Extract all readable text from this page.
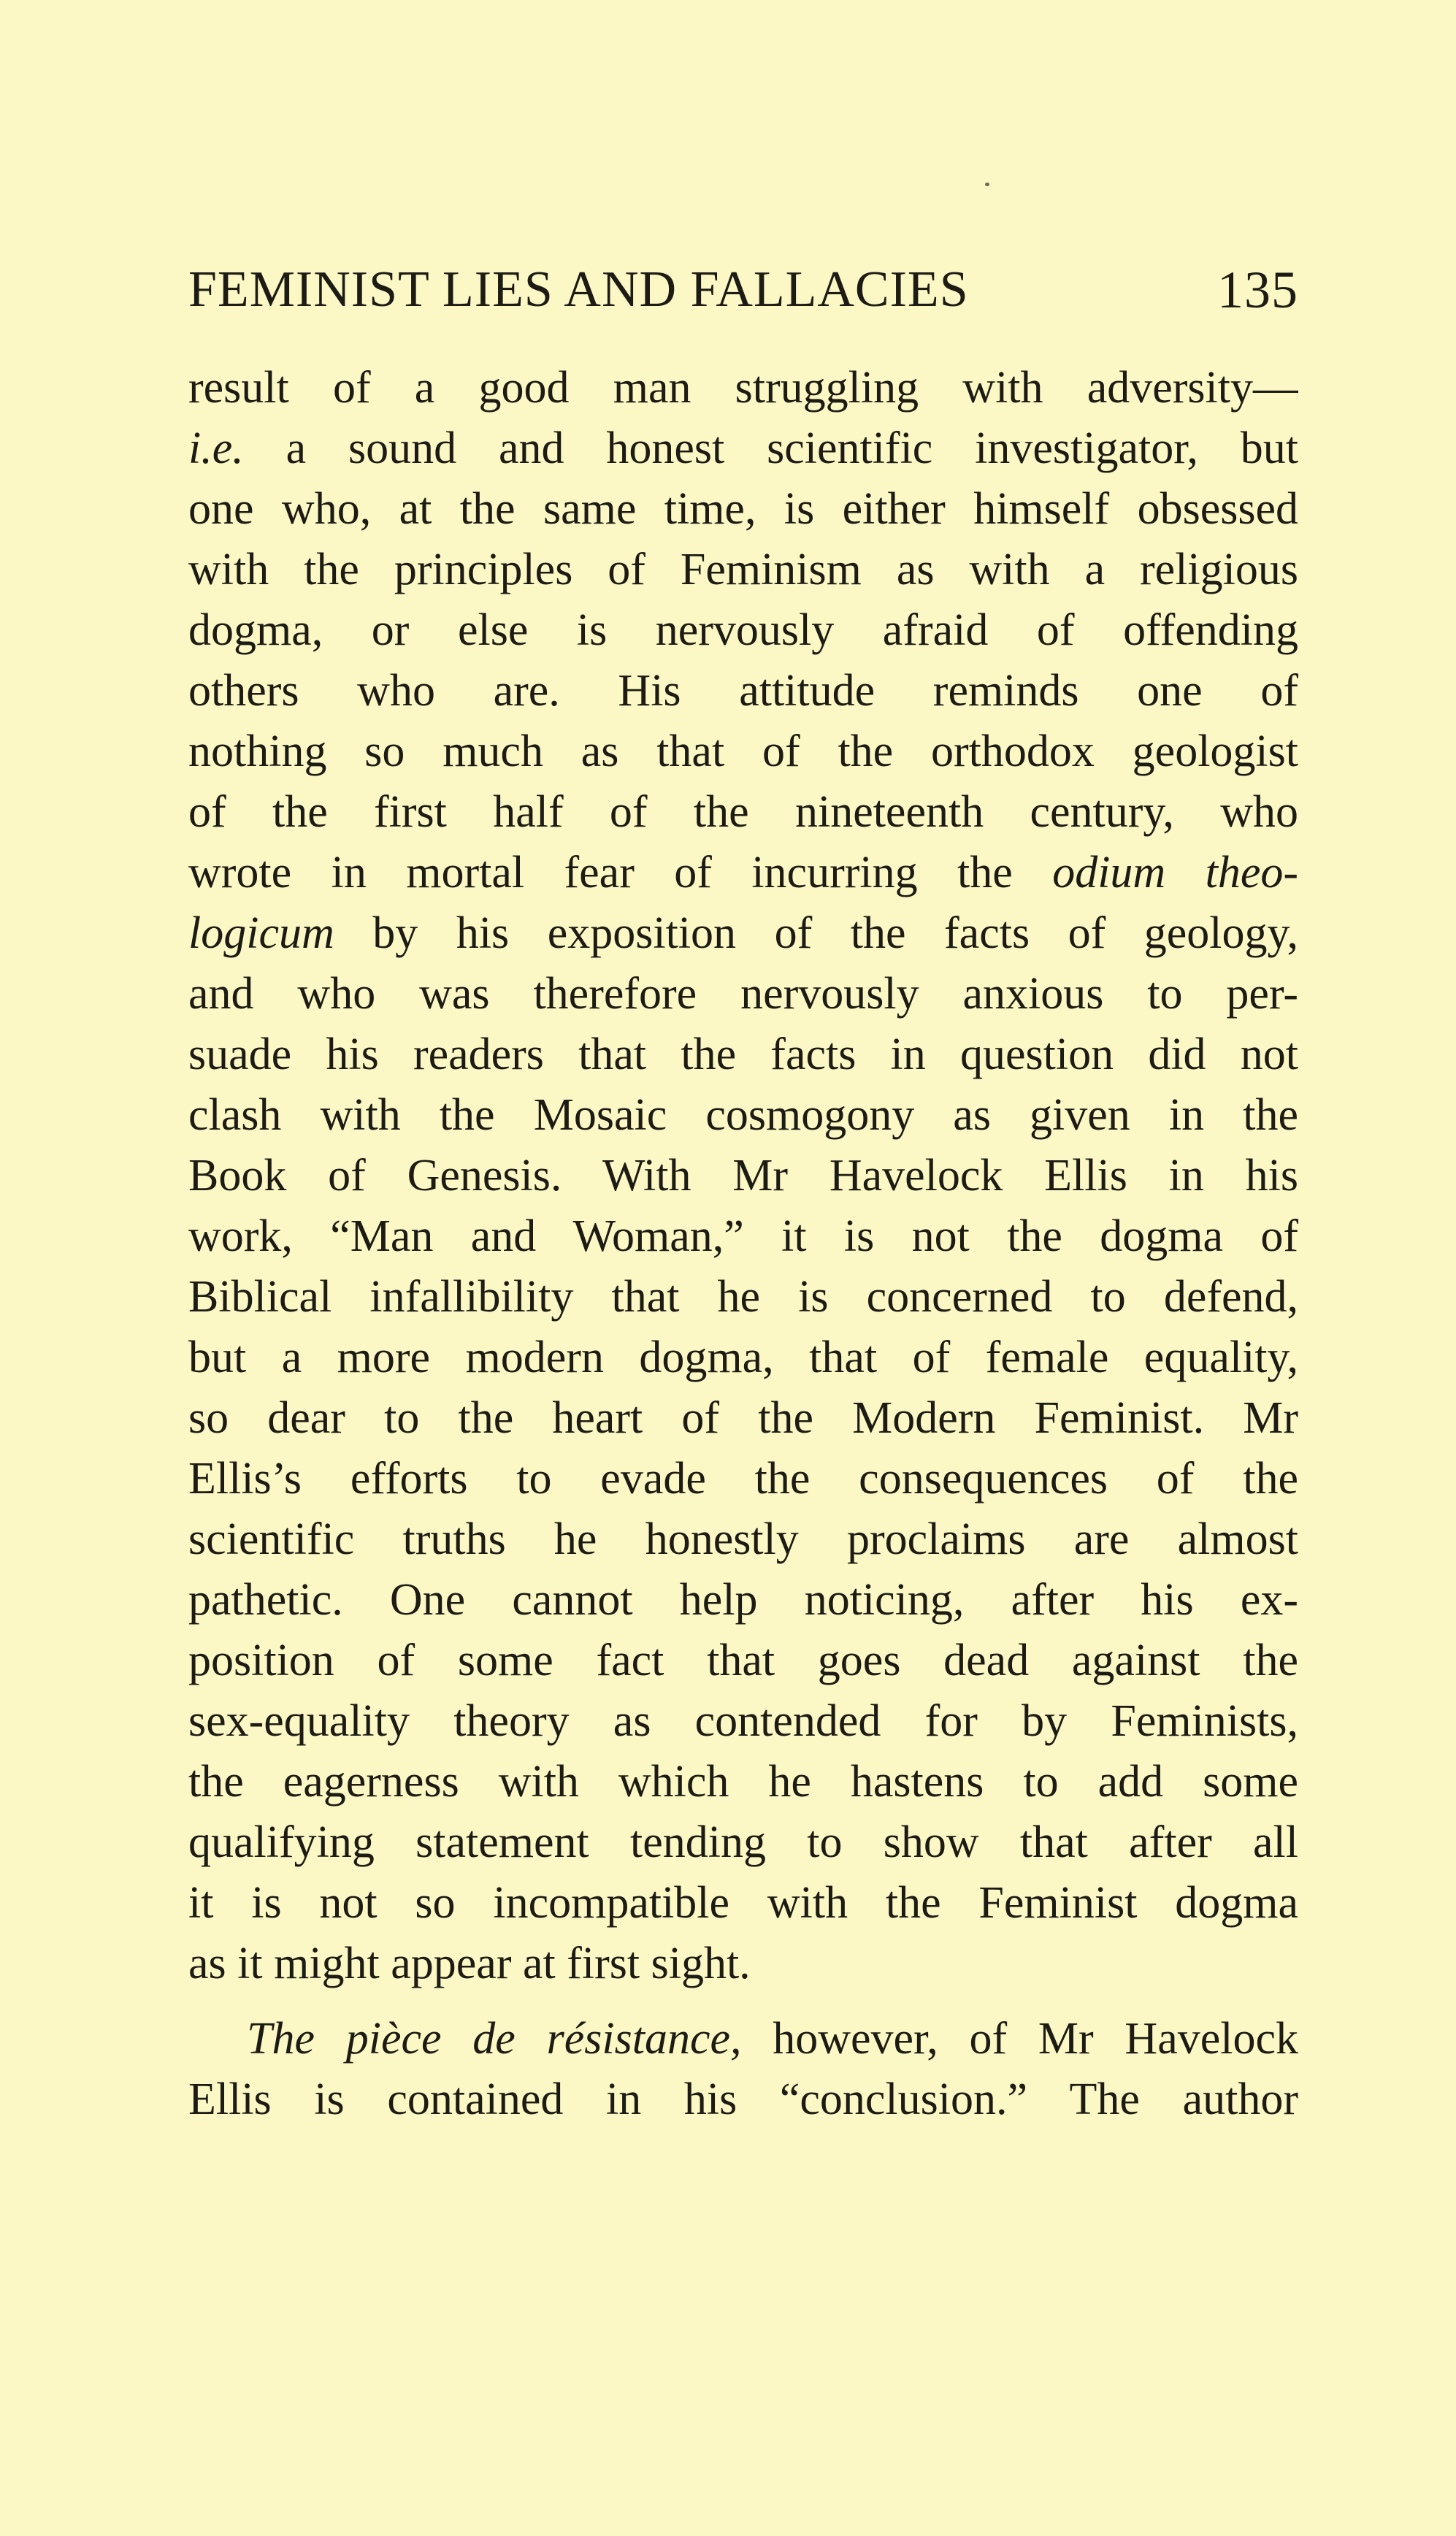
FEMINIST LIES AND FALLACIES	135
result of a good man struggling with adversity—
i.e. a sound and honest scientific investigator, but
one who, at the same time, is either himself obsessed
with the principles of Feminism as with a religious
dogma, or else is nervously afraid of offending
others who are. His attitude reminds one of
nothing so much as that of the orthodox geologist
of the first half of the nineteenth century, who
wrote in mortal fear of incurring the odium theo-
logicum by his exposition of the facts of geology,
and who was therefore nervously anxious to per-
suade his readers that the facts in question did not
clash with the Mosaic cosmogony as given in the
Book of Genesis. With Mr Havelock Ellis in his
work, “Man and Woman,” it is not the dogma of
Biblical infallibility that he is concerned to defend,
but a more modern dogma, that of female equality,
so dear to the heart of the Modern Feminist. Mr
Ellis’s efforts to evade the consequences of the
scientific truths he honestly proclaims are almost
pathetic. One cannot help noticing, after his ex-
position of some fact that goes dead against the
sex-equality theory as contended for by Feminists,
the eagerness with which he hastens to add some
qualifying statement tending to show that after all
it is not so incompatible with the Feminist dogma
as it might appear at first sight.
The pièce de résistance, however, of Mr Havelock
Ellis is contained in his “conclusion.” The author
